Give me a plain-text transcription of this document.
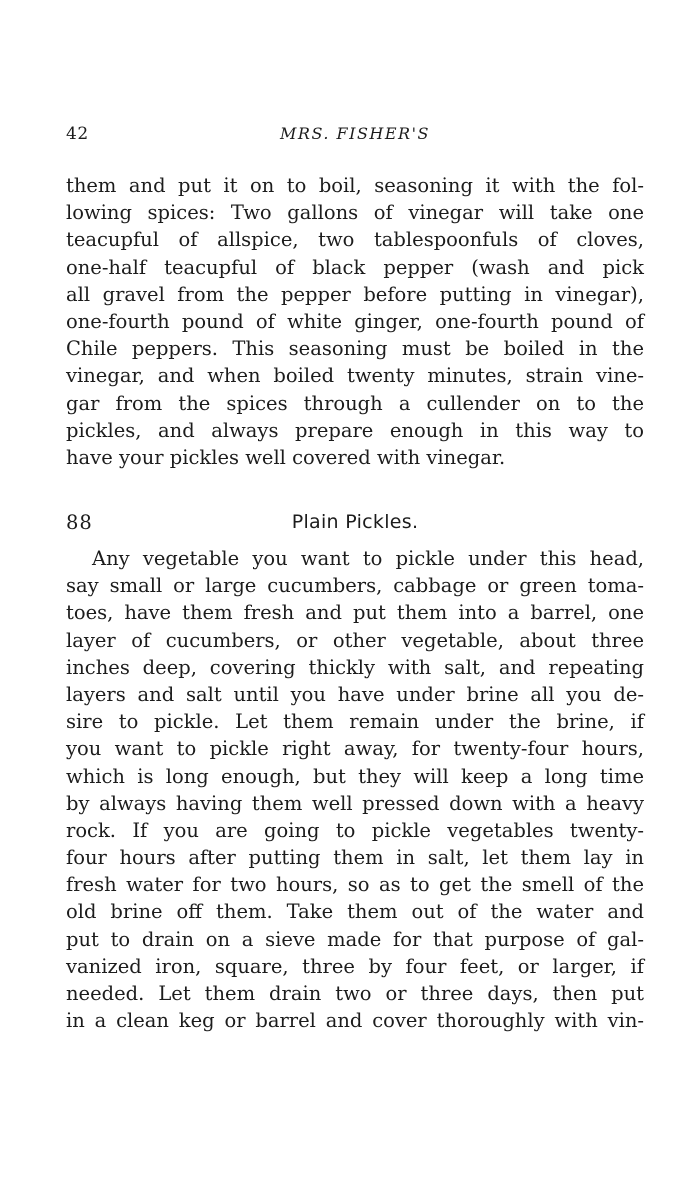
42	MRS. FISHER'S
them and put it on to boil, seasoning it with the fol-
lowing spices: Two gallons of vinegar will take one
teacupful of allspice, two tablespoonfuls of cloves,
one-half teacupful of black pepper (wash and pick
all gravel from the pepper before putting in vinegar),
one-fourth pound of white ginger, one-fourth pound of
Chile peppers. This seasoning must be boiled in the
vinegar, and when boiled twenty minutes, strain vine-
gar from the spices through a cullender on to the
pickles, and always prepare enough in this way to
have your pickles well covered with vinegar.
88	Plain Pickles.
Any vegetable you want to pickle under this head,
say small or large cucumbers, cabbage or green toma-
toes, have them fresh and put them into a barrel, one
layer of cucumbers, or other vegetable, about three
inches deep, covering thickly with salt, and repeating
layers and salt until you have under brine all you de-
sire to pickle. Let them remain under the brine, if
you want to pickle right away, for twenty-four hours,
which is long enough, but they will keep a long time
by always having them well pressed down with a heavy
rock. If you are going to pickle vegetables twenty-
four hours after putting them in salt, let them lay in
fresh water for two hours, so as to get the smell of the
old brine off them. Take them out of the water and
put to drain on a sieve made for that purpose of gal-
vanized iron, square, three by four feet, or larger, if
needed. Let them drain two or three days, then put
in a clean keg or barrel and cover thoroughly with vin-
